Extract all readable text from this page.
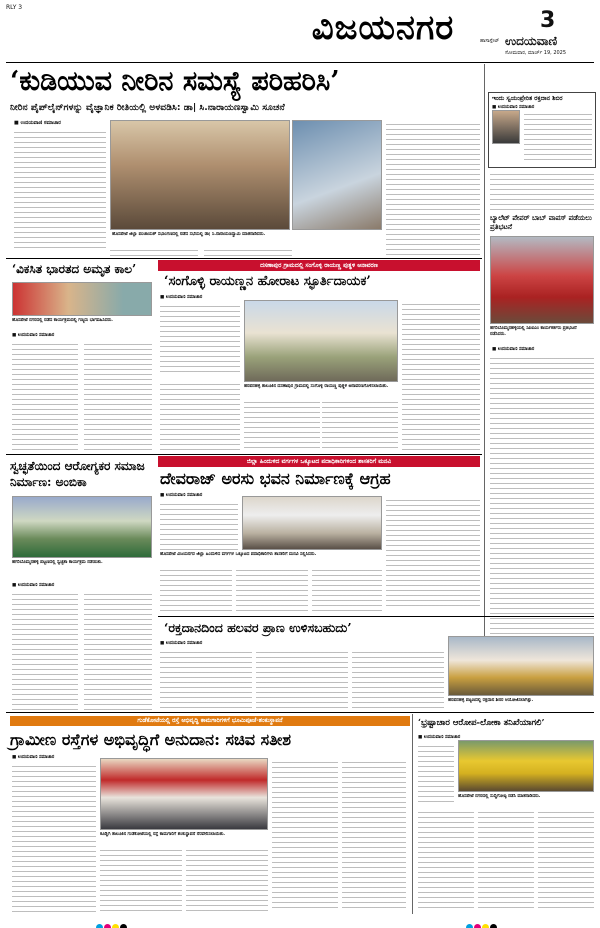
RLY 3
ವಿಜಯನಗರ	3
ಹಾಸಾಸ್ಪೇಟ್ ಉದಯವಾಣಿ
ಸೋಮವಾರ, ಮಾರ್ಚ್ 19, 2025
‘ಕುಡಿಯುವ ನೀರಿನ ಸಮಸ್ಯೆ ಪರಿಹರಿಸಿ’
ನೀರಿನ ಪೈಪ್‌ಲೈನ್‌ಗಳನ್ನು ವೈಜ್ಞಾನಿಕ ರೀತಿಯಲ್ಲಿ ಅಳವಡಿಸಿ: ಡಾ| ಸಿ.ನಾರಾಯಣಸ್ವಾಮಿ ಸೂಚನೆ
■ ಉದಯವಾಣಿ ಸಮಾಚಾರ
ಹೊಸಪೇಟೆ ಜಿಲ್ಲಾ ಪಂಚಾಯತ್ ಸಭಾಂಗಣದಲ್ಲಿ ನಡೆದ ಸಭೆಯಲ್ಲಿ ಡಾ| ಸಿ.ನಾರಾಯಣಸ್ವಾಮಿ ಮಾತನಾಡಿದರು.
ಇಂದು ಸ್ವಯಂಪ್ರೇರಿತ ರಕ್ತದಾನ ಶಿಬಿರ
■ ಉದಯವಾಣಿ ಸಮಾಚಾರ
ಬ್ಯಾಲೆಟ್ ಪೇಪರ್ ಬಾಬ್ ವಾಪಸ್‌ ಪಡೆಯಲು ಪ್ರತಿಭಟನೆ
ಹಗರಿಬೊಮ್ಮನಹಳ್ಳಿಯಲ್ಲಿ ಸಿಪಿಐಎಂ ಕಾರ್ಯಕರ್ತರು ಪ್ರತಿಭಟನೆ ನಡೆಸಿದರು.
■ ಉದಯವಾಣಿ ಸಮಾಚಾರ
‘ವಿಕಸಿತ ಭಾರತದ ಅಮೃತ ಕಾಲ’
ಹೊಸಪೇಟೆ ನಗರದಲ್ಲಿ ನಡೆದ ಕಾರ್ಯಕ್ರಮದಲ್ಲಿ ಗಣ್ಯರು ಭಾಗವಹಿಸಿದರು.
■ ಉದಯವಾಣಿ ಸಮಾಚಾರ
ದಸಣಾಪುರ ಗ್ರಾಮದಲ್ಲಿ ಸಂಗೊಳ್ಳಿ ರಾಯಣ್ಣ ಪುತ್ಥಳಿ ಅನಾವರಣ
‘ಸಂಗೊಳ್ಳಿ ರಾಯಣ್ಣನ ಹೋರಾಟ ಸ್ಫೂರ್ತಿದಾಯಕ’
■ ಉದಯವಾಣಿ ಸಮಾಚಾರ
ಹರಪನಹಳ್ಳಿ ತಾಲೂಕಿನ ದಸಣಾಪುರ ಗ್ರಾಮದಲ್ಲಿ ಸಂಗೊಳ್ಳಿ ರಾಯಣ್ಣ ಪುತ್ಥಳಿ ಅನಾವರಣಗೊಳಿಸಲಾಯಿತು.
ಸ್ವಚ್ಛತೆಯಿಂದ ಆರೋಗ್ಯಕರ ಸಮಾಜ ನಿರ್ಮಾಣ: ಅಂಬಿಕಾ
ಹಗರಿಬೊಮ್ಮನಹಳ್ಳಿ ಪಟ್ಟಣದಲ್ಲಿ ಸ್ವಚ್ಛತಾ ಕಾರ್ಯಕ್ರಮ ನಡೆಯಿತು.
■ ಉದಯವಾಣಿ ಸಮಾಚಾರ
ಜಿಲ್ಲಾ ಹಿಂದುಳಿದ ವರ್ಗಗಳ ಒಕ್ಕೂಟದ ಪದಾಧಿಕಾರಿಗಳಿಂದ ಶಾಸಕರಿಗೆ ಮನವಿ
ದೇವರಾಜ್ ಅರಸು ಭವನ ನಿರ್ಮಾಣಕ್ಕೆ ಆಗ್ರಹ
■ ಉದಯವಾಣಿ ಸಮಾಚಾರ
ಹೊಸಪೇಟೆ ವಿಜಯನಗರ ಜಿಲ್ಲಾ ಹಿಂದುಳಿದ ವರ್ಗಗಳ ಒಕ್ಕೂಟದ ಪದಾಧಿಕಾರಿಗಳು ಶಾಸಕರಿಗೆ ಮನವಿ ಸಲ್ಲಿಸಿದರು.
‘ರಕ್ತದಾನದಿಂದ ಹಲವರ ಪ್ರಾಣ ಉಳಿಸಬಹುದು’
■ ಉದಯವಾಣಿ ಸಮಾಚಾರ
ಹರಪನಹಳ್ಳಿ ಪಟ್ಟಣದಲ್ಲಿ ರಕ್ತದಾನ ಶಿಬಿರ ಆಯೋಜಿಸಲಾಗಿತ್ತು.
ಗುಡೆಕೋಟೆಯಲ್ಲಿ ರಸ್ತೆ ಅಭಿವೃದ್ಧಿ ಕಾಮಗಾರಿಗಳಿಗೆ ಭೂಮಿಪೂಜೆ-ಶಂಕುಸ್ಥಾಪನೆ
ಗ್ರಾಮೀಣ ರಸ್ತೆಗಳ ಅಭಿವೃದ್ಧಿಗೆ ಅನುದಾನ: ಸಚಿವ ಸತೀಶ
■ ಉದಯವಾಣಿ ಸಮಾಚಾರ
ಕೂಡ್ಲಿಗಿ ತಾಲೂಕಿನ ಗುಡೆಕೋಟೆಯಲ್ಲಿ ರಸ್ತೆ ಕಾಮಗಾರಿಗೆ ಶಂಕುಸ್ಥಾಪನೆ ನೆರವೇರಿಸಲಾಯಿತು.
‘ಭ್ರಷ್ಟಾಚಾರ ಆರೋಪ-ಲೋಕಾ ತನಿಖೆಯಾಗಲಿ’
■ ಉದಯವಾಣಿ ಸಮಾಚಾರ
ಹೊಸಪೇಟೆ ನಗರದಲ್ಲಿ ಸುದ್ದಿಗೋಷ್ಠಿ ನಡೆಸಿ ಮಾತನಾಡಿದರು.
